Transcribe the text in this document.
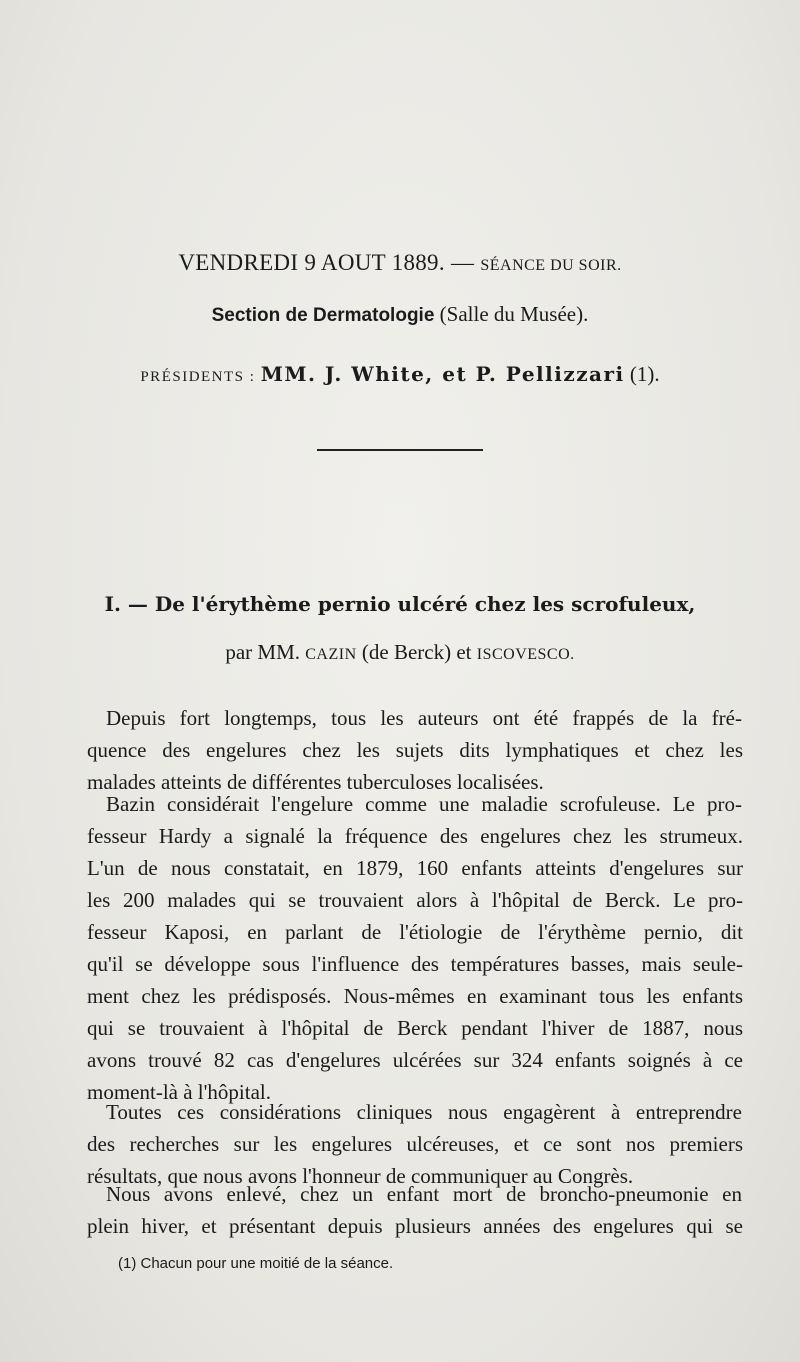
VENDREDI 9 AOUT 1889. — SÉANCE DU SOIR.
Section de Dermatologie (Salle du Musée).
PRÉSIDENTS : MM. J. White, et P. Pellizzari (1).
I. — De l'érythème pernio ulcéré chez les scrofuleux,
par MM. CAZIN (de Berck) et ISCOVESCO.
Depuis fort longtemps, tous les auteurs ont été frappés de la fré-
quence des engelures chez les sujets dits lymphatiques et chez les
malades atteints de différentes tuberculoses localisées.
Bazin considérait l'engelure comme une maladie scrofuleuse. Le pro-
fesseur Hardy a signalé la fréquence des engelures chez les strumeux.
L'un de nous constatait, en 1879, 160 enfants atteints d'engelures sur
les 200 malades qui se trouvaient alors à l'hôpital de Berck. Le pro-
fesseur Kaposi, en parlant de l'étiologie de l'érythème pernio, dit
qu'il se développe sous l'influence des températures basses, mais seule-
ment chez les prédisposés. Nous-mêmes en examinant tous les enfants
qui se trouvaient à l'hôpital de Berck pendant l'hiver de 1887, nous
avons trouvé 82 cas d'engelures ulcérées sur 324 enfants soignés à ce
moment-là à l'hôpital.
Toutes ces considérations cliniques nous engagèrent à entreprendre
des recherches sur les engelures ulcéreuses, et ce sont nos premiers
résultats, que nous avons l'honneur de communiquer au Congrès.
Nous avons enlevé, chez un enfant mort de broncho-pneumonie en
plein hiver, et présentant depuis plusieurs années des engelures qui se
(1) Chacun pour une moitié de la séance.
